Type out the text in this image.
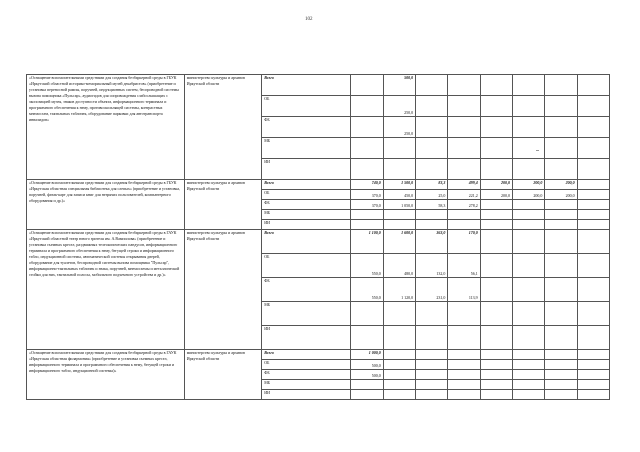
102
«Оснащение вспомогательными средствами для создания безбарьерной среды в ГБУК «Иркутский областной историко-мемориальный музей декабристов» (приобретение и установка переносной рампы, поручней, индукционных систем, беспроводной системы вызова помощника «Пульсар», аудиогидов для сопровождения слабослышащих с экспозицией музея, знаков доступности объекта, информационного терминала и программного обеспечения к нему, противоскользящей системы, контрастных мнемосхем, тактильных табличек, оборудование парковки для автотранспорта инвалидов»	министерство культуры и архивов Иркутской области	Всего		500,0						
		ОБ		250,0						
		ФБ		250,0						
		МБ								
		ИИ								
«Оснащение вспомогательными средствами для создания безбарьерной среды в ГБУК «Иркутская областная специальная библиотека для слепых» (приобретение и установка, поручней, фатак-карт для записи книг для незрячих пользователей, компьютерного оборудования и др.)»	министерство культуры и архивов Иркутской области	Всего	740,0	1 500,0	83,3	499,4	200,0	200,0	200,0	
		ОБ	370,0	450,0	25,0	221,2	200,0	200,0	200,0	
		ФБ	370,0	1 050,0	58,3	278,2				
		МБ								
		ИИ								
«Оснащение вспомогательными средствами для создания безбарьерной среды в ГАУК «Иркутский областной театр юного зрителя им. А.Вампилова» (приобретение и установка съемных кресел, раздвижных телескопических пандусов, информационного терминала и программного обеспечения к нему, бегущей строки и информационного табло, индукционной системы, автоматической системы открывания дверей, оборудование для туалетов, беспроводной системы вызова помощника "Пульсар", информационно-тактильных табличек и знака, поручней, мнемосхемы и металлической стойки для них, тактильной полосы, мобильного подъемного устройства и др.)»	министерство культуры и архивов Иркутской области	Всего	1 100,0	1 600,0	363,0	170,0				
		ОБ	550,0	480,0	132,0	56,1				
		ФБ	550,0	1 120,0	231,0	113,9				
		МБ								
		ИИ								
«Оснащение вспомогательными средствами для создания безбарьерной среды в ГАУК «Иркутская областная филармония» (приобретение и установка съемных кресел, информационного терминала и программного обеспечения к нему, бегущей строки и информационного табло, индукционной системы)»	министерство культуры и архивов Иркутской области	Всего	1 000,0							
		ОБ	500,0							
		ФБ	500,0							
		МБ								
		ИИ								
